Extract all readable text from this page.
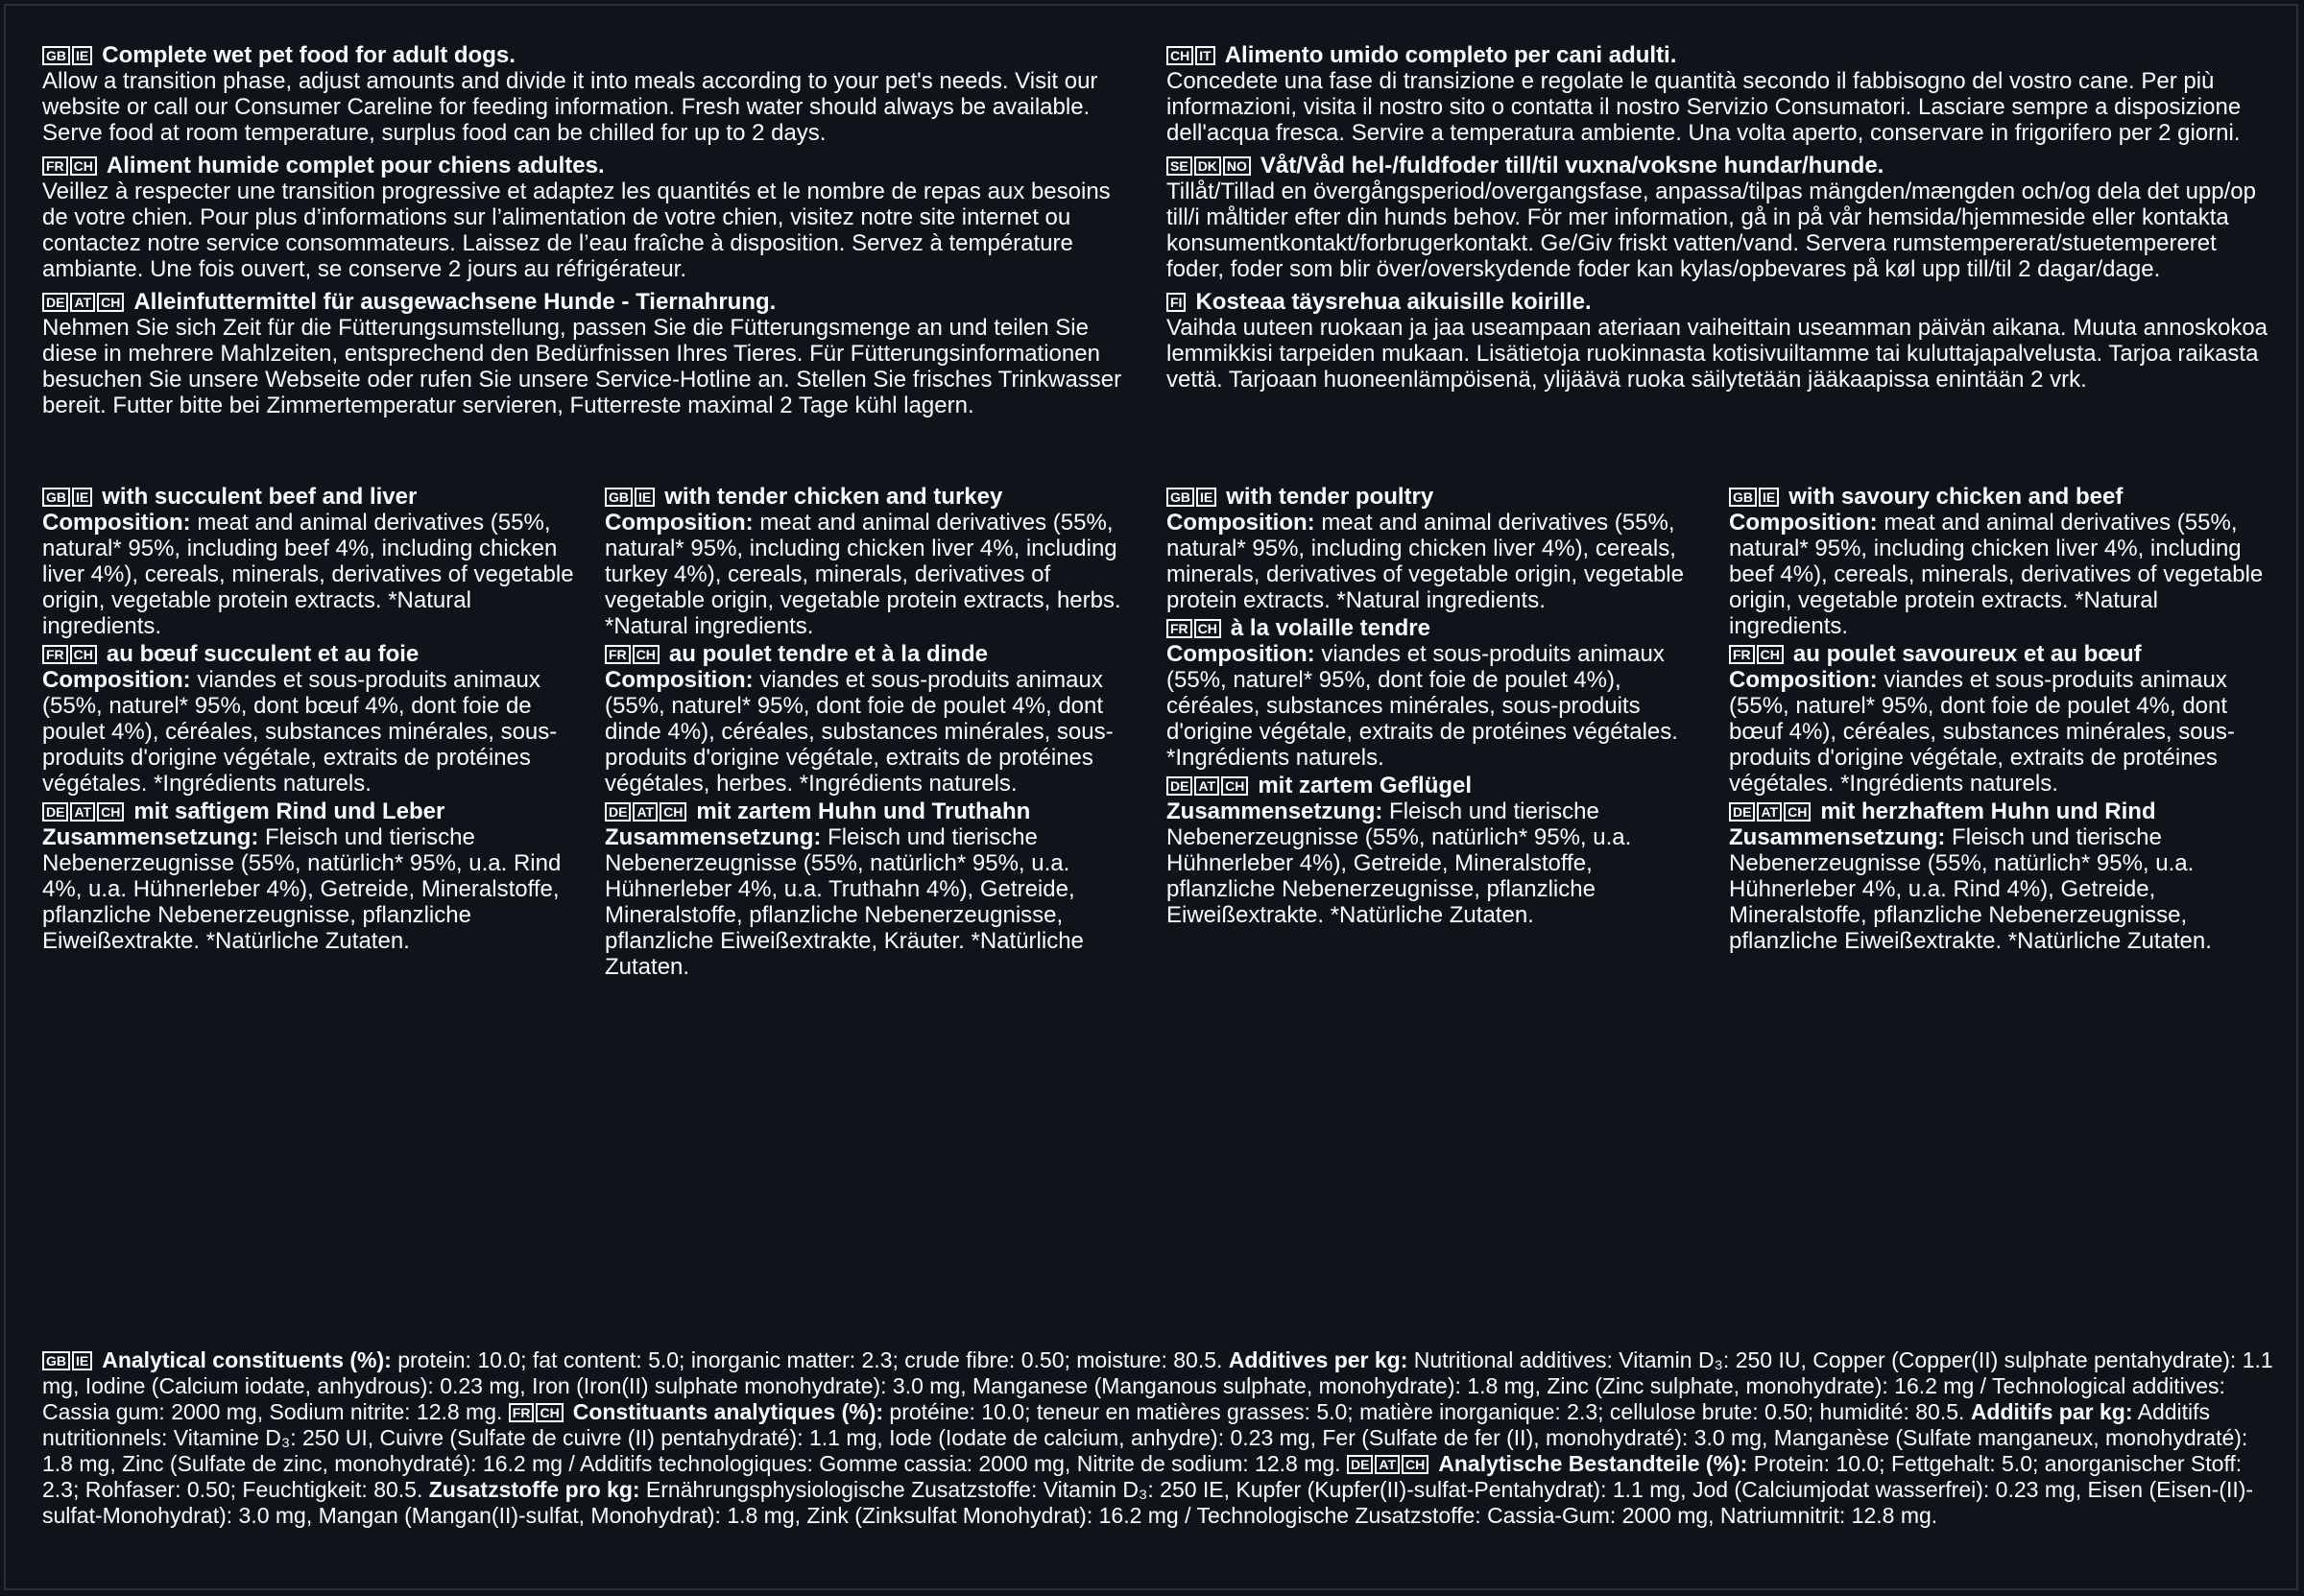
GB IE Complete wet pet food for adult dogs.
Allow a transition phase, adjust amounts and divide it into meals according to your pet's needs. Visit our website or call our Consumer Careline for feeding information. Fresh water should always be available. Serve food at room temperature, surplus food can be chilled for up to 2 days.
FR CH Aliment humide complet pour chiens adultes.
Veillez à respecter une transition progressive et adaptez les quantités et le nombre de repas aux besoins de votre chien. Pour plus d’informations sur l’alimentation de votre chien, visitez notre site internet ou contactez notre service consommateurs. Laissez de l’eau fraîche à disposition. Servez à température ambiante. Une fois ouvert, se conserve 2 jours au réfrigérateur.
DE AT CH Alleinfuttermittel für ausgewachsene Hunde - Tiernahrung.
Nehmen Sie sich Zeit für die Fütterungsumstellung, passen Sie die Fütterungsmenge an und teilen Sie diese in mehrere Mahlzeiten, entsprechend den Bedürfnissen Ihres Tieres. Für Fütterungsinformationen besuchen Sie unsere Webseite oder rufen Sie unsere Service-Hotline an. Stellen Sie frisches Trinkwasser bereit. Futter bitte bei Zimmertemperatur servieren, Futterreste maximal 2 Tage kühl lagern.
CH IT Alimento umido completo per cani adulti.
Concedete una fase di transizione e regolate le quantità secondo il fabbisogno del vostro cane. Per più informazioni, visita il nostro sito o contatta il nostro Servizio Consumatori. Lasciare sempre a disposizione dell'acqua fresca. Servire a temperatura ambiente. Una volta aperto, conservare in frigorifero per 2 giorni.
SE DK NO Våt/Våd hel-/fuldfoder till/til vuxna/voksne hundar/hunde.
Tillåt/Tillad en övergångsperiod/overgangsfase, anpassa/tilpas mängden/mængden och/og dela det upp/op till/i måltider efter din hunds behov. För mer information, gå in på vår hemsida/hjemmeside eller kontakta konsumentkontakt/forbrugerkontakt. Ge/Giv friskt vatten/vand. Servera rumstempererat/stuetempereret foder, foder som blir över/overskydende foder kan kylas/opbevares på køl upp till/til 2 dagar/dage.
FI Kosteaa täysrehua aikuisille koirille.
Vaihda uuteen ruokaan ja jaa useampaan ateriaan vaiheittain useamman päivän aikana. Muuta annoskokoa lemmikkisi tarpeiden mukaan. Lisätietoja ruokinnasta kotisivuiltamme tai kuluttajapalvelusta. Tarjoa raikasta vettä. Tarjoaan huoneenlämpöisenä, ylijäävä ruoka säilytetään jääkaapissa enintään 2 vrk.
GB IE with succulent beef and liver
Composition: meat and animal derivatives (55%, natural* 95%, including beef 4%, including chicken liver 4%), cereals, minerals, derivatives of vegetable origin, vegetable protein extracts. *Natural ingredients.
FR CH au bœuf succulent et au foie
Composition: viandes et sous-produits animaux (55%, naturel* 95%, dont bœuf 4%, dont foie de poulet 4%), céréales, substances minérales, sous-produits d'origine végétale, extraits de protéines végétales. *Ingrédients naturels.
DE AT CH mit saftigem Rind und Leber
Zusammensetzung: Fleisch und tierische Nebenerzeugnisse (55%, natürlich* 95%, u.a. Rind 4%, u.a. Hühnerleber 4%), Getreide, Mineralstoffe, pflanzliche Nebenerzeugnisse, pflanzliche Eiweißextrakte. *Natürliche Zutaten.
GB IE with tender chicken and turkey
Composition: meat and animal derivatives (55%, natural* 95%, including chicken liver 4%, including turkey 4%), cereals, minerals, derivatives of vegetable origin, vegetable protein extracts, herbs. *Natural ingredients.
FR CH au poulet tendre et à la dinde
Composition: viandes et sous-produits animaux (55%, naturel* 95%, dont foie de poulet 4%, dont dinde 4%), céréales, substances minérales, sous-produits d'origine végétale, extraits de protéines végétales, herbes. *Ingrédients naturels.
DE AT CH mit zartem Huhn und Truthahn
Zusammensetzung: Fleisch und tierische Nebenerzeugnisse (55%, natürlich* 95%, u.a. Hühnerleber 4%, u.a. Truthahn 4%), Getreide, Mineralstoffe, pflanzliche Nebenerzeugnisse, pflanzliche Eiweißextrakte, Kräuter. *Natürliche Zutaten.
GB IE with tender poultry
Composition: meat and animal derivatives (55%, natural* 95%, including chicken liver 4%), cereals, minerals, derivatives of vegetable origin, vegetable protein extracts. *Natural ingredients.
FR CH à la volaille tendre
Composition: viandes et sous-produits animaux (55%, naturel* 95%, dont foie de poulet 4%), céréales, substances minérales, sous-produits d'origine végétale, extraits de protéines végétales. *Ingrédients naturels.
DE AT CH mit zartem Geflügel
Zusammensetzung: Fleisch und tierische Nebenerzeugnisse (55%, natürlich* 95%, u.a. Hühnerleber 4%), Getreide, Mineralstoffe, pflanzliche Nebenerzeugnisse, pflanzliche Eiweißextrakte. *Natürliche Zutaten.
GB IE with savoury chicken and beef
Composition: meat and animal derivatives (55%, natural* 95%, including chicken liver 4%, including beef 4%), cereals, minerals, derivatives of vegetable origin, vegetable protein extracts. *Natural ingredients.
FR CH au poulet savoureux et au bœuf
Composition: viandes et sous-produits animaux (55%, naturel* 95%, dont foie de poulet 4%, dont bœuf 4%), céréales, substances minérales, sous-produits d'origine végétale, extraits de protéines végétales. *Ingrédients naturels.
DE AT CH mit herzhaftem Huhn und Rind
Zusammensetzung: Fleisch und tierische Nebenerzeugnisse (55%, natürlich* 95%, u.a. Hühnerleber 4%, u.a. Rind 4%), Getreide, Mineralstoffe, pflanzliche Nebenerzeugnisse, pflanzliche Eiweißextrakte. *Natürliche Zutaten.
GB IE Analytical constituents (%): protein: 10.0; fat content: 5.0; inorganic matter: 2.3; crude fibre: 0.50; moisture: 80.5. Additives per kg: Nutritional additives: Vitamin D₃: 250 IU, Copper (Copper(II) sulphate pentahydrate): 1.1 mg, Iodine (Calcium iodate, anhydrous): 0.23 mg, Iron (Iron(II) sulphate monohydrate): 3.0 mg, Manganese (Manganous sulphate, monohydrate): 1.8 mg, Zinc (Zinc sulphate, monohydrate): 16.2 mg / Technological additives: Cassia gum: 2000 mg, Sodium nitrite: 12.8 mg. FR CH Constituants analytiques (%): protéine: 10.0; teneur en matières grasses: 5.0; matière inorganique: 2.3; cellulose brute: 0.50; humidité: 80.5. Additifs par kg: Additifs nutritionnels: Vitamine D₃: 250 UI, Cuivre (Sulfate de cuivre (II) pentahydraté): 1.1 mg, Iode (Iodate de calcium, anhydre): 0.23 mg, Fer (Sulfate de fer (II), monohydraté): 3.0 mg, Manganèse (Sulfate manganeux, monohydraté): 1.8 mg, Zinc (Sulfate de zinc, monohydraté): 16.2 mg / Additifs technologiques: Gomme cassia: 2000 mg, Nitrite de sodium: 12.8 mg. DE AT CH Analytische Bestandteile (%): Protein: 10.0; Fettgehalt: 5.0; anorganischer Stoff: 2.3; Rohfaser: 0.50; Feuchtigkeit: 80.5. Zusatzstoffe pro kg: Ernährungsphysiologische Zusatzstoffe: Vitamin D₃: 250 IE, Kupfer (Kupfer(II)-sulfat-Pentahydrat): 1.1 mg, Jod (Calciumjodat wasserfrei): 0.23 mg, Eisen (Eisen-(II)-sulfat-Monohydrat): 3.0 mg, Mangan (Mangan(II)-sulfat, Monohydrat): 1.8 mg, Zink (Zinksulfat Monohydrat): 16.2 mg / Technologische Zusatzstoffe: Cassia-Gum: 2000 mg, Natriumnitrit: 12.8 mg.
